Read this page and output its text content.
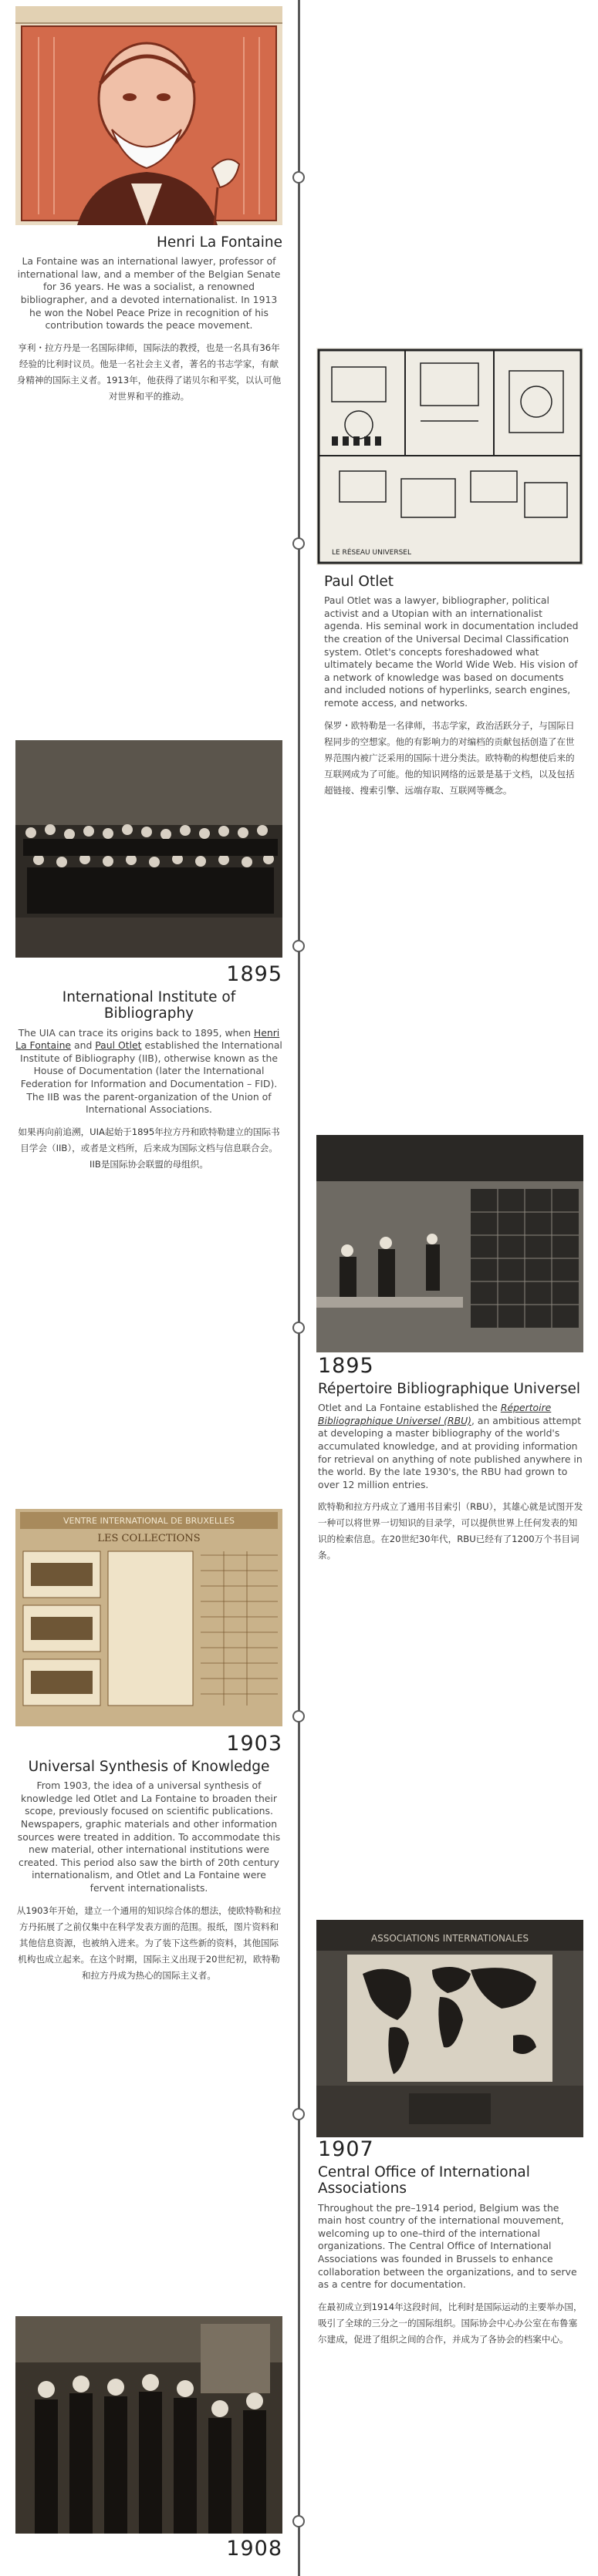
Henri La Fontaine

La Fontaine was an international lawyer, professor of international law, and a member of the Belgian Senate for 36 years. He was a socialist, a renowned bibliographer, and a devoted internationalist. In 1913 he won the Nobel Peace Prize in recognition of his contribution towards the peace movement.

亨利・拉方丹是一名国际律师，国际法的教授，也是一名具有36年经验的比利时议员。他是一名社会主义者，著名的书志学家，有献身精神的国际主义者。1913年，他获得了诺贝尔和平奖，以认可他对世界和平的推动。

LE RÉSEAU UNIVERSEL
Paul Otlet

Paul Otlet was a lawyer, bibliographer, political activist and a Utopian with an internationalist agenda. His seminal work in documentation included the creation of the Universal Decimal Classification system. Otlet's concepts foreshadowed what ultimately became the World Wide Web. His vision of a network of knowledge was based on documents and included notions of hyperlinks, search engines, remote access, and networks.

保罗・欧特勒是一名律师，书志学家，政治活跃分子，与国际日程同步的空想家。他的有影响力的对编档的贡献包括创造了在世界范围内被广泛采用的国际十进分类法。欧特勒的构想使后来的互联网成为了可能。他的知识网络的远景是基于文档，以及包括超链接、搜索引擎、远端存取、互联网等概念。

1895
International Institute of Bibliography

The UIA can trace its origins back to 1895, when Henri La Fontaine and Paul Otlet established the International Institute of Bibliography (IIB), otherwise known as the House of Documentation (later the International Federation for Information and Documentation – FID). The IIB was the parent-organization of the Union of International Associations.

如果再向前追溯，UIA起始于1895年拉方丹和欧特勒建立的国际书目学会（IIB），或者是文档所，后来成为国际文档与信息联合会。IIB是国际协会联盟的母组织。

1895
Répertoire Bibliographique Universel

Otlet and La Fontaine established the Répertoire Bibliographique Universel (RBU), an ambitious attempt at developing a master bibliography of the world's accumulated knowledge, and at providing information for retrieval on anything of note published anywhere in the world. By the late 1930's, the RBU had grown to over 12 million entries.

欧特勒和拉方丹成立了通用书目索引（RBU），其雄心就是试图开发一种可以将世界一切知识的目录学，可以提供世界上任何发表的知识的检索信息。在20世纪30年代，RBU已经有了1200万个书目词条。

VENTRE INTERNATIONAL DE BRUXELLES
LES COLLECTIONS
1903
Universal Synthesis of Knowledge

From 1903, the idea of a universal synthesis of knowledge led Otlet and La Fontaine to broaden their scope, previously focused on scientific publications. Newspapers, graphic materials and other information sources were treated in addition. To accommodate this new material, other international institutions were created. This period also saw the birth of 20th century internationalism, and Otlet and La Fontaine were fervent internationalists.

从1903年开始，建立一个通用的知识综合体的想法，使欧特勒和拉方丹拓展了之前仅集中在科学发表方面的范围。报纸，图片资料和其他信息资源，也被纳入进来。为了装下这些新的资料，其他国际机构也成立起来。在这个时期，国际主义出现于20世纪初，欧特勒和拉方丹成为热心的国际主义者。

ASSOCIATIONS INTERNATIONALES
1907
Central Office of International Associations

Throughout the pre–1914 period, Belgium was the main host country of the international mouvement, welcoming up to one–third of the international organizations. The Central Office of International Associations was founded in Brussels to enhance collaboration between the organizations, and to serve as a centre for documentation.

在最初成立到1914年这段时间，比利时是国际运动的主要举办国，吸引了全球的三分之一的国际组织。国际协会中心办公室在布鲁塞尔建成，促进了组织之间的合作，并成为了各协会的档案中心。

1908
